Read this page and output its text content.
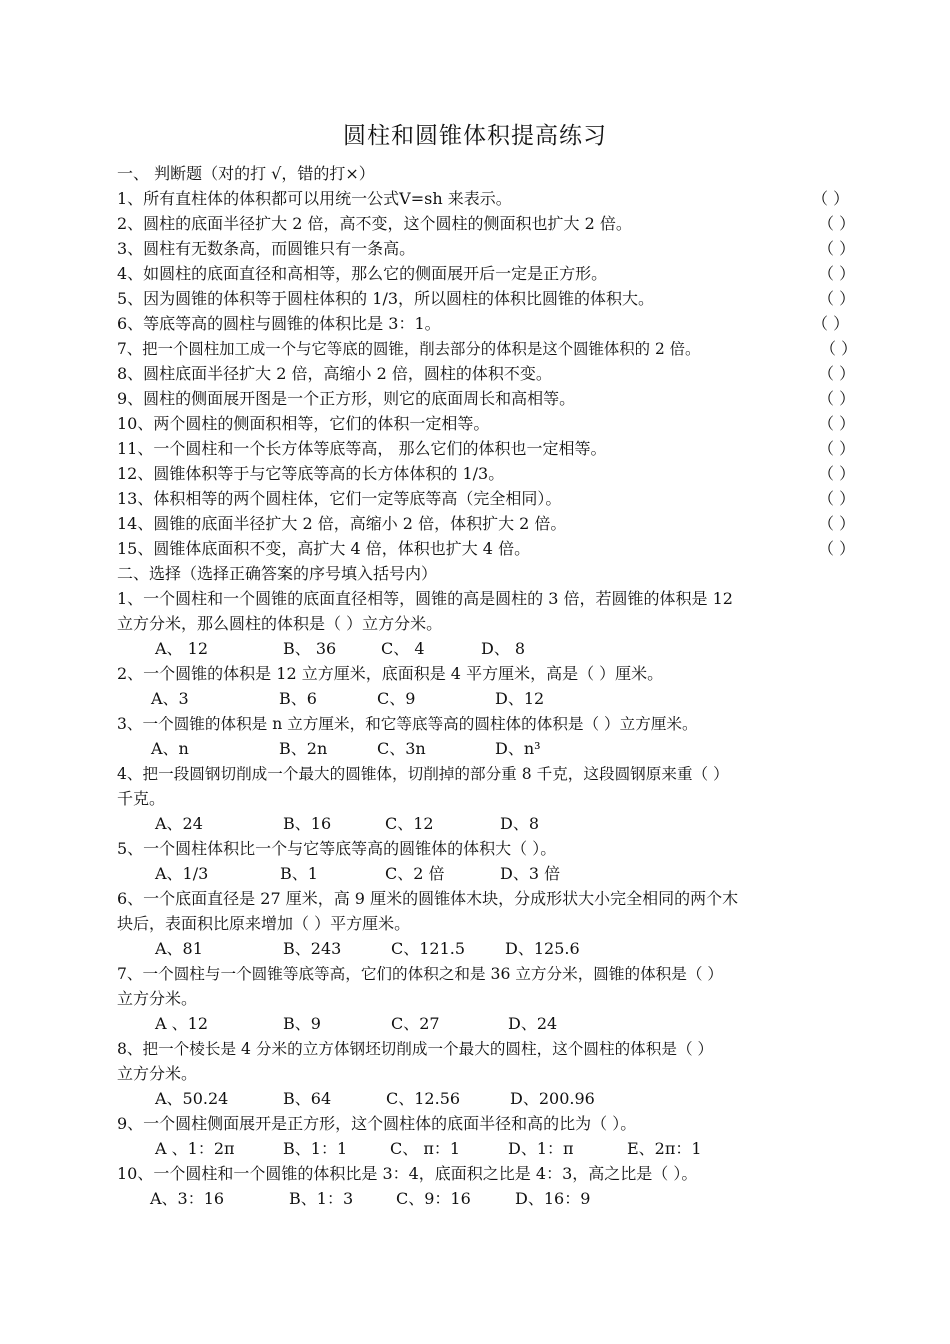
圆柱和圆锥体积提高练习
一、 判断题（对的打 √，错的打×）
1、所有直柱体的体积都可以用统一公式V=sh 来表示。	（ ）
2、圆柱的底面半径扩大 2 倍，高不变，这个圆柱的侧面积也扩大 2 倍。	（ ）
3、圆柱有无数条高，而圆锥只有一条高。	（ ）
4、如圆柱的底面直径和高相等，那么它的侧面展开后一定是正方形。	（ ）
5、因为圆锥的体积等于圆柱体积的 1/3，所以圆柱的体积比圆锥的体积大。	（ ）
6、等底等高的圆柱与圆锥的体积比是 3：1。	（ ）
7、把一个圆柱加工成一个与它等底的圆锥，削去部分的体积是这个圆锥体积的 2 倍。	（ ）
8、圆柱底面半径扩大 2 倍，高缩小 2 倍，圆柱的体积不变。	（ ）
9、圆柱的侧面展开图是一个正方形，则它的底面周长和高相等。	（ ）
10、两个圆柱的侧面积相等，它们的体积一定相等。	（ ）
11、一个圆柱和一个长方体等底等高， 那么它们的体积也一定相等。	（ ）
12、圆锥体积等于与它等底等高的长方体体积的 1/3。	（ ）
13、体积相等的两个圆柱体，它们一定等底等高（完全相同）。	（ ）
14、圆锥的底面半径扩大 2 倍，高缩小 2 倍，体积扩大 2 倍。	（ ）
15、圆锥体底面积不变，高扩大 4 倍，体积也扩大 4 倍。	（ ）
二、选择（选择正确答案的序号填入括号内）
1、一个圆柱和一个圆锥的底面直径相等，圆锥的高是圆柱的 3 倍，若圆锥的体积是 12
立方分米，那么圆柱的体积是（ ）立方分米。
A、 12	B、 36	C、 4	D、 8
2、一个圆锥的体积是 12 立方厘米，底面积是 4 平方厘米，高是（ ）厘米。
A、3	B、6	C、9	D、12
3、一个圆锥的体积是 n 立方厘米，和它等底等高的圆柱体的体积是（ ）立方厘米。
A、n	B、2n	C、3n	D、n³
4、把一段圆钢切削成一个最大的圆锥体，切削掉的部分重 8 千克，这段圆钢原来重（ ）
千克。
A、24	B、16	C、12	D、8
5、一个圆柱体积比一个与它等底等高的圆锥体的体积大（ ）。
A、1/3	B、1	C、2 倍	D、3 倍
6、一个底面直径是 27 厘米，高 9 厘米的圆锥体木块，分成形状大小完全相同的两个木
块后，表面积比原来增加（ ）平方厘米。
A、81	B、243	C、121.5 D、125.6
7、一个圆柱与一个圆锥等底等高，它们的体积之和是 36 立方分米，圆锥的体积是（ ）
立方分米。
A 、12	B、9	C、27	D、24
8、把一个棱长是 4 分米的立方体钢坯切削成一个最大的圆柱，这个圆柱的体积是（ ）
立方分米。
A、50.24	B、64	C、12.56	D、200.96
9、一个圆柱侧面展开是正方形，这个圆柱体的底面半径和高的比为（ ）。
A 、1：2π	B、1：1	C、 π：1	D、1：π	E、2π：1
10、一个圆柱和一个圆锥的体积比是 3：4，底面积之比是 4：3，高之比是（ ）。
A、3：16	B、1：3	C、9：16	D、16：9
